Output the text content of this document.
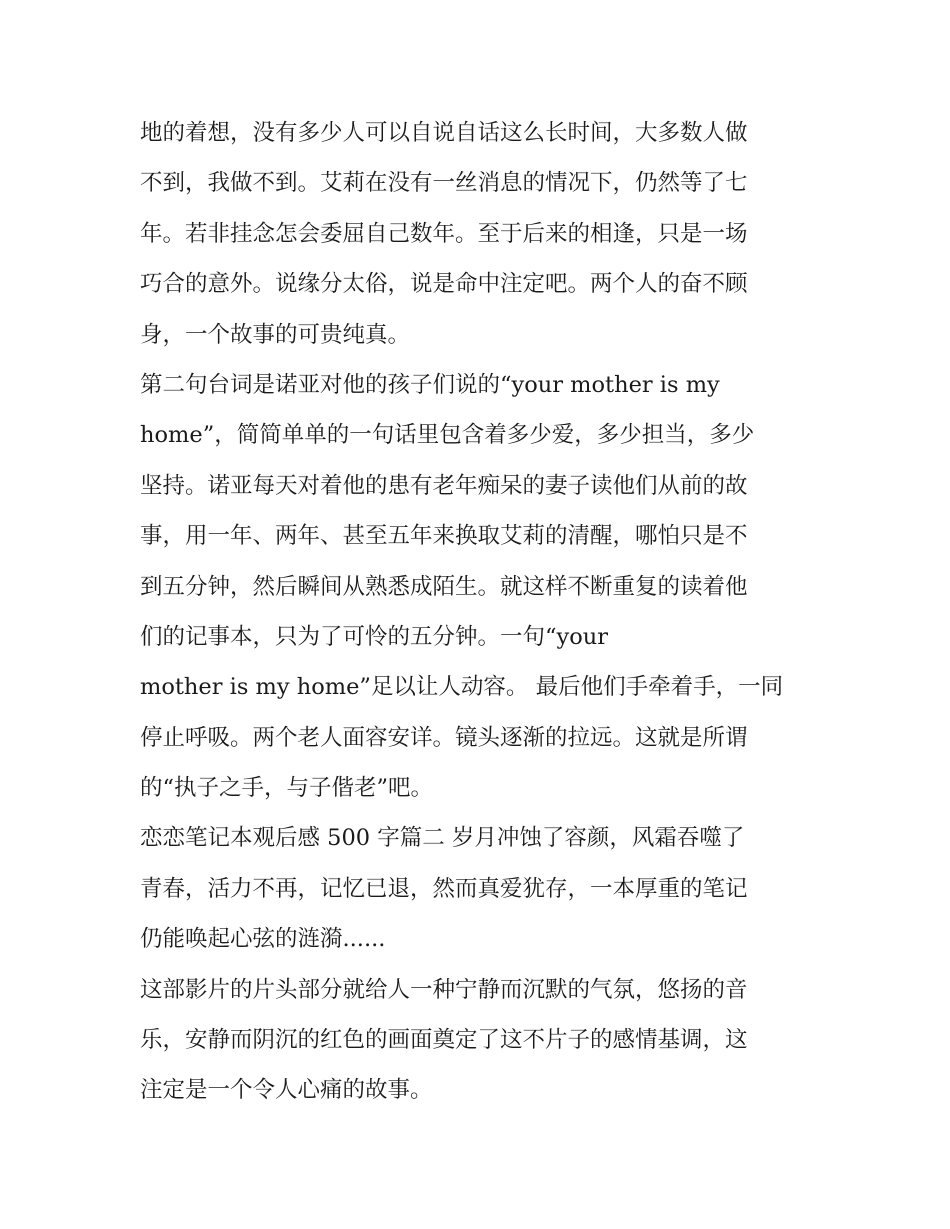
地的着想，没有多少人可以自说自话这么长时间，大多数人做
不到，我做不到。艾莉在没有一丝消息的情况下，仍然等了七
年。若非挂念怎会委屈自己数年。至于后来的相逢，只是一场
巧合的意外。说缘分太俗，说是命中注定吧。两个人的奋不顾
身，一个故事的可贵纯真。
第二句台词是诺亚对他的孩子们说的“your mother is my
home”，简简单单的一句话里包含着多少爱，多少担当，多少
坚持。诺亚每天对着他的患有老年痴呆的妻子读他们从前的故
事，用一年、两年、甚至五年来换取艾莉的清醒，哪怕只是不
到五分钟，然后瞬间从熟悉成陌生。就这样不断重复的读着他
们的记事本，只为了可怜的五分钟。一句“your
mother is my home”足以让人动容。 最后他们手牵着手，一同
停止呼吸。两个老人面容安详。镜头逐渐的拉远。这就是所谓
的“执子之手，与子偕老”吧。
恋恋笔记本观后感 500 字篇二 岁月冲蚀了容颜，风霜吞噬了
青春，活力不再，记忆已退，然而真爱犹存，一本厚重的笔记
仍能唤起心弦的涟漪......
这部影片的片头部分就给人一种宁静而沉默的气氛，悠扬的音
乐，安静而阴沉的红色的画面奠定了这不片子的感情基调，这
注定是一个令人心痛的故事。
